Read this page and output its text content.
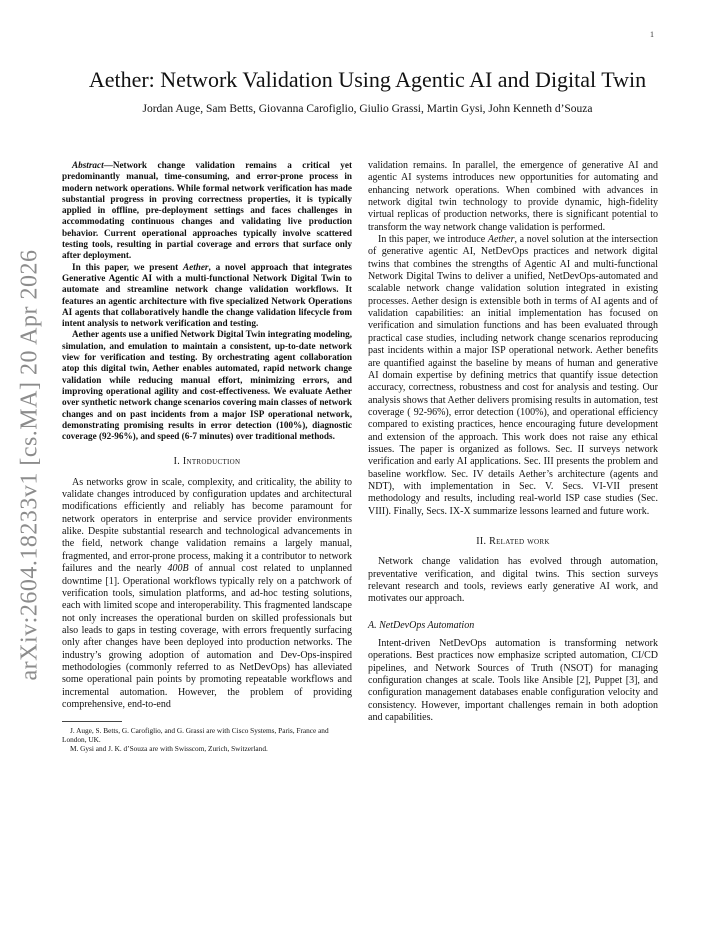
1
arXiv:2604.18233v1 [cs.MA] 20 Apr 2026
Aether: Network Validation Using Agentic AI and Digital Twin
Jordan Auge, Sam Betts, Giovanna Carofiglio, Giulio Grassi, Martin Gysi, John Kenneth d’Souza

Abstract—Network change validation remains a critical yet predominantly manual, time-consuming, and error-prone process in modern network operations. While formal network verification has made substantial progress in proving correctness properties, it is typically applied in offline, pre-deployment settings and faces challenges in accommodating continuous changes and validating live production behavior. Current operational approaches typically involve scattered testing tools, resulting in partial coverage and errors that surface only after deployment.

In this paper, we present Aether, a novel approach that integrates Generative Agentic AI with a multi-functional Network Digital Twin to automate and streamline network change validation workflows. It features an agentic architecture with five specialized Network Operations AI agents that collaboratively handle the change validation lifecycle from intent analysis to network verification and testing.

Aether agents use a unified Network Digital Twin integrating modeling, simulation, and emulation to maintain a consistent, up-to-date network view for verification and testing. By orchestrating agent collaboration atop this digital twin, Aether enables automated, rapid network change validation while reducing manual effort, minimizing errors, and improving operational agility and cost-effectiveness. We evaluate Aether over synthetic network change scenarios covering main classes of network changes and on past incidents from a major ISP operational network, demonstrating promising results in error detection (100%), diagnostic coverage (92-96%), and speed (6-7 minutes) over traditional methods.

I. Introduction

As networks grow in scale, complexity, and criticality, the ability to validate changes introduced by configuration updates and architectural modifications efficiently and reliably has become paramount for network operators in enterprise and service provider environments alike. Despite substantial research and technological advancements in the field, network change validation remains a largely manual, fragmented, and error-prone process, making it a contributor to network failures and the nearly 400B of annual cost related to unplanned downtime [1]. Operational workflows typically rely on a patchwork of verification tools, simulation platforms, and ad-hoc testing solutions, each with limited scope and interoperability. This fragmented landscape not only increases the operational burden on skilled professionals but also leads to gaps in testing coverage, with errors frequently surfacing only after changes have been deployed into production networks. The industry’s growing adoption of automation and Dev-Ops-inspired methodologies (commonly referred to as NetDevOps) has alleviated some operational pain points by promoting repeatable workflows and incremental automation. However, the problem of providing comprehensive, end-to-end

J. Auge, S. Betts, G. Carofiglio, and G. Grassi are with Cisco Systems, Paris, France and London, UK.

M. Gysi and J. K. d’Souza are with Swisscom, Zurich, Switzerland.

validation remains. In parallel, the emergence of generative AI and agentic AI systems introduces new opportunities for automating and enhancing network operations. When combined with advances in network digital twin technology to provide dynamic, high-fidelity virtual replicas of production networks, there is significant potential to transform the way network change validation is performed.

In this paper, we introduce Aether, a novel solution at the intersection of generative agentic AI, NetDevOps practices and network digital twins that combines the strengths of Agentic AI and multi-functional Network Digital Twins to deliver a unified, NetDevOps-automated and scalable network change validation solution integrated in existing processes. Aether design is extensible both in terms of AI agents and of validation capabilities: an initial implementation has focused on verification and simulation functions and has been evaluated through practical case studies, including network change scenarios reproducing past incidents within a major ISP operational network. Aether benefits are quantified against the baseline by means of human and generative AI domain expertise by defining metrics that quantify issue detection accuracy, correctness, robustness and cost for analysis and testing. Our analysis shows that Aether delivers promising results in automation, test coverage ( 92-96%), error detection (100%), and operational efficiency compared to existing practices, hence encouraging future development and extension of the approach. This work does not raise any ethical issues. The paper is organized as follows. Sec. II surveys network verification and early AI applications. Sec. III presents the problem and baseline workflow. Sec. IV details Aether’s architecture (agents and NDT), with implementation in Sec. V. Secs. VI-VII present methodology and results, including real-world ISP case studies (Sec. VIII). Finally, Secs. IX-X summarize lessons learned and future work.

II. Related work

Network change validation has evolved through automation, preventative verification, and digital twins. This section surveys relevant research and tools, reviews early generative AI work, and motivates our approach.

A. NetDevOps Automation

Intent-driven NetDevOps automation is transforming network operations. Best practices now emphasize scripted automation, CI/CD pipelines, and Network Sources of Truth (NSOT) for managing configuration changes at scale. Tools like Ansible [2], Puppet [3], and configuration management databases enable configuration velocity and consistency. However, important challenges remain in both adoption and capabilities.
